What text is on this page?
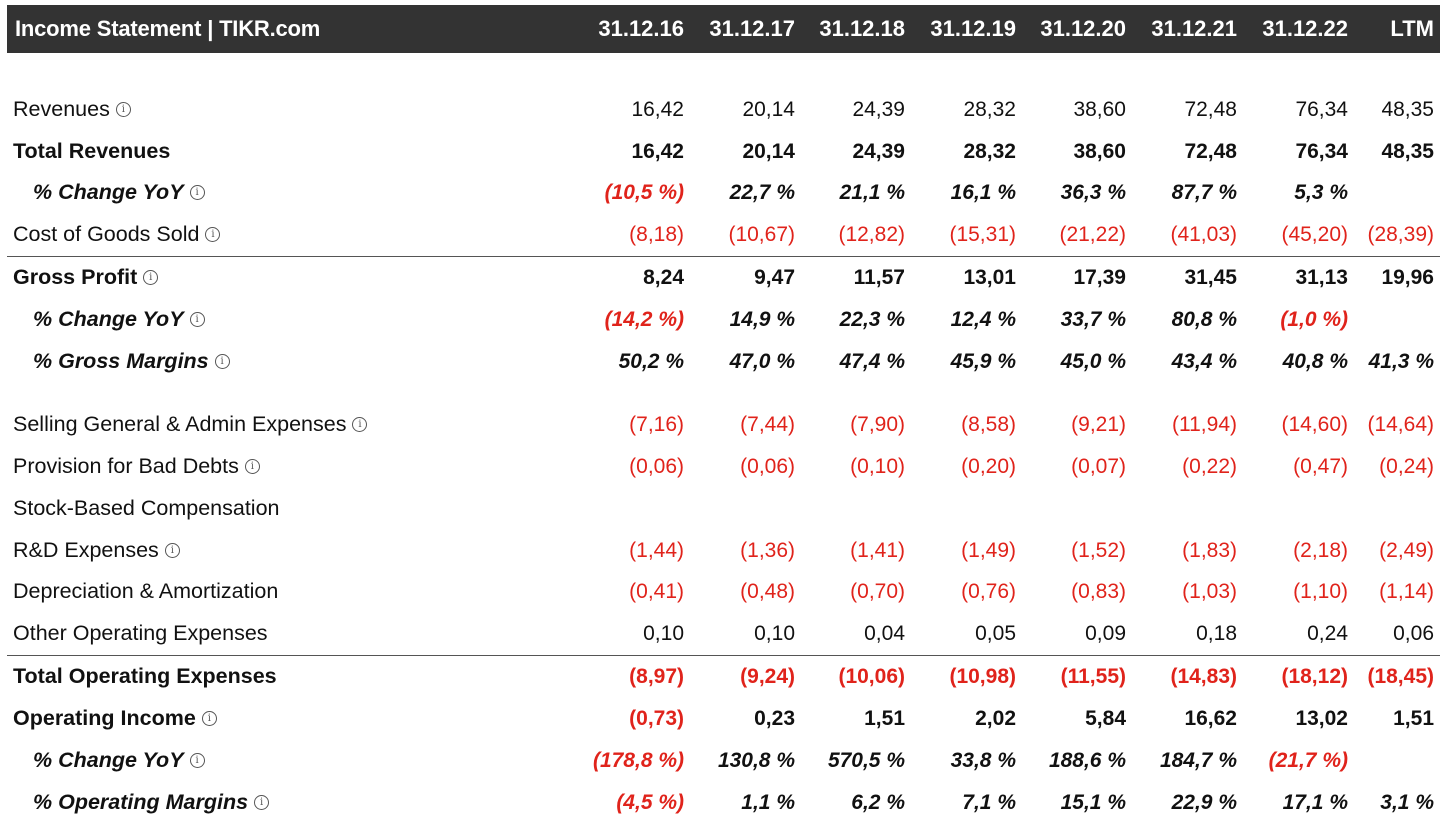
Income Statement | TIKR.com	31.12.16 31.12.17 31.12.18 31.12.19 31.12.20 31.12.21 31.12.22 LTM
Revenues i	16,42	20,14	24,39	28,32	38,60	72,48	76,34 48,35
Total Revenues	16,42	20,14	24,39	28,32	38,60	72,48	76,34 48,35
% Change YoY i	(10,5 %) 22,7 % 21,1 % 16,1 % 36,3 % 87,7 %	5,3 %
Cost of Goods Sold i	(8,18) (10,67) (12,82) (15,31) (21,22) (41,03) (45,20) (28,39)
Gross Profit i	8,24	9,47	11,57	13,01	17,39	31,45	31,13 19,96
% Change YoY i	(14,2 %) 14,9 % 22,3 % 12,4 % 33,7 % 80,8 % (1,0 %)
% Gross Margins i	50,2 % 47,0 % 47,4 % 45,9 % 45,0 % 43,4 % 40,8 % 41,3 %
Selling General & Admin Expenses i	(7,16)	(7,44)	(7,90)	(8,58)	(9,21) (11,94) (14,60) (14,64)
Provision for Bad Debts i	(0,06)	(0,06)	(0,10)	(0,20)	(0,07)	(0,22)	(0,47) (0,24)
Stock-Based Compensation
R&D Expenses i	(1,44)	(1,36)	(1,41)	(1,49)	(1,52)	(1,83)	(2,18) (2,49)
Depreciation & Amortization	(0,41)	(0,48)	(0,70)	(0,76)	(0,83)	(1,03)	(1,10) (1,14)
Other Operating Expenses	0,10	0,10	0,04	0,05	0,09	0,18	0,24 0,06
Total Operating Expenses	(8,97)	(9,24) (10,06) (10,98) (11,55) (14,83) (18,12) (18,45)
Operating Income i	(0,73)	0,23	1,51	2,02	5,84	16,62	13,02 1,51
% Change YoY i	(178,8 %) 130,8 % 570,5 % 33,8 % 188,6 % 184,7 % (21,7 %)
% Operating Margins i	(4,5 %)	1,1 %	6,2 %	7,1 % 15,1 % 22,9 % 17,1 % 3,1 %
